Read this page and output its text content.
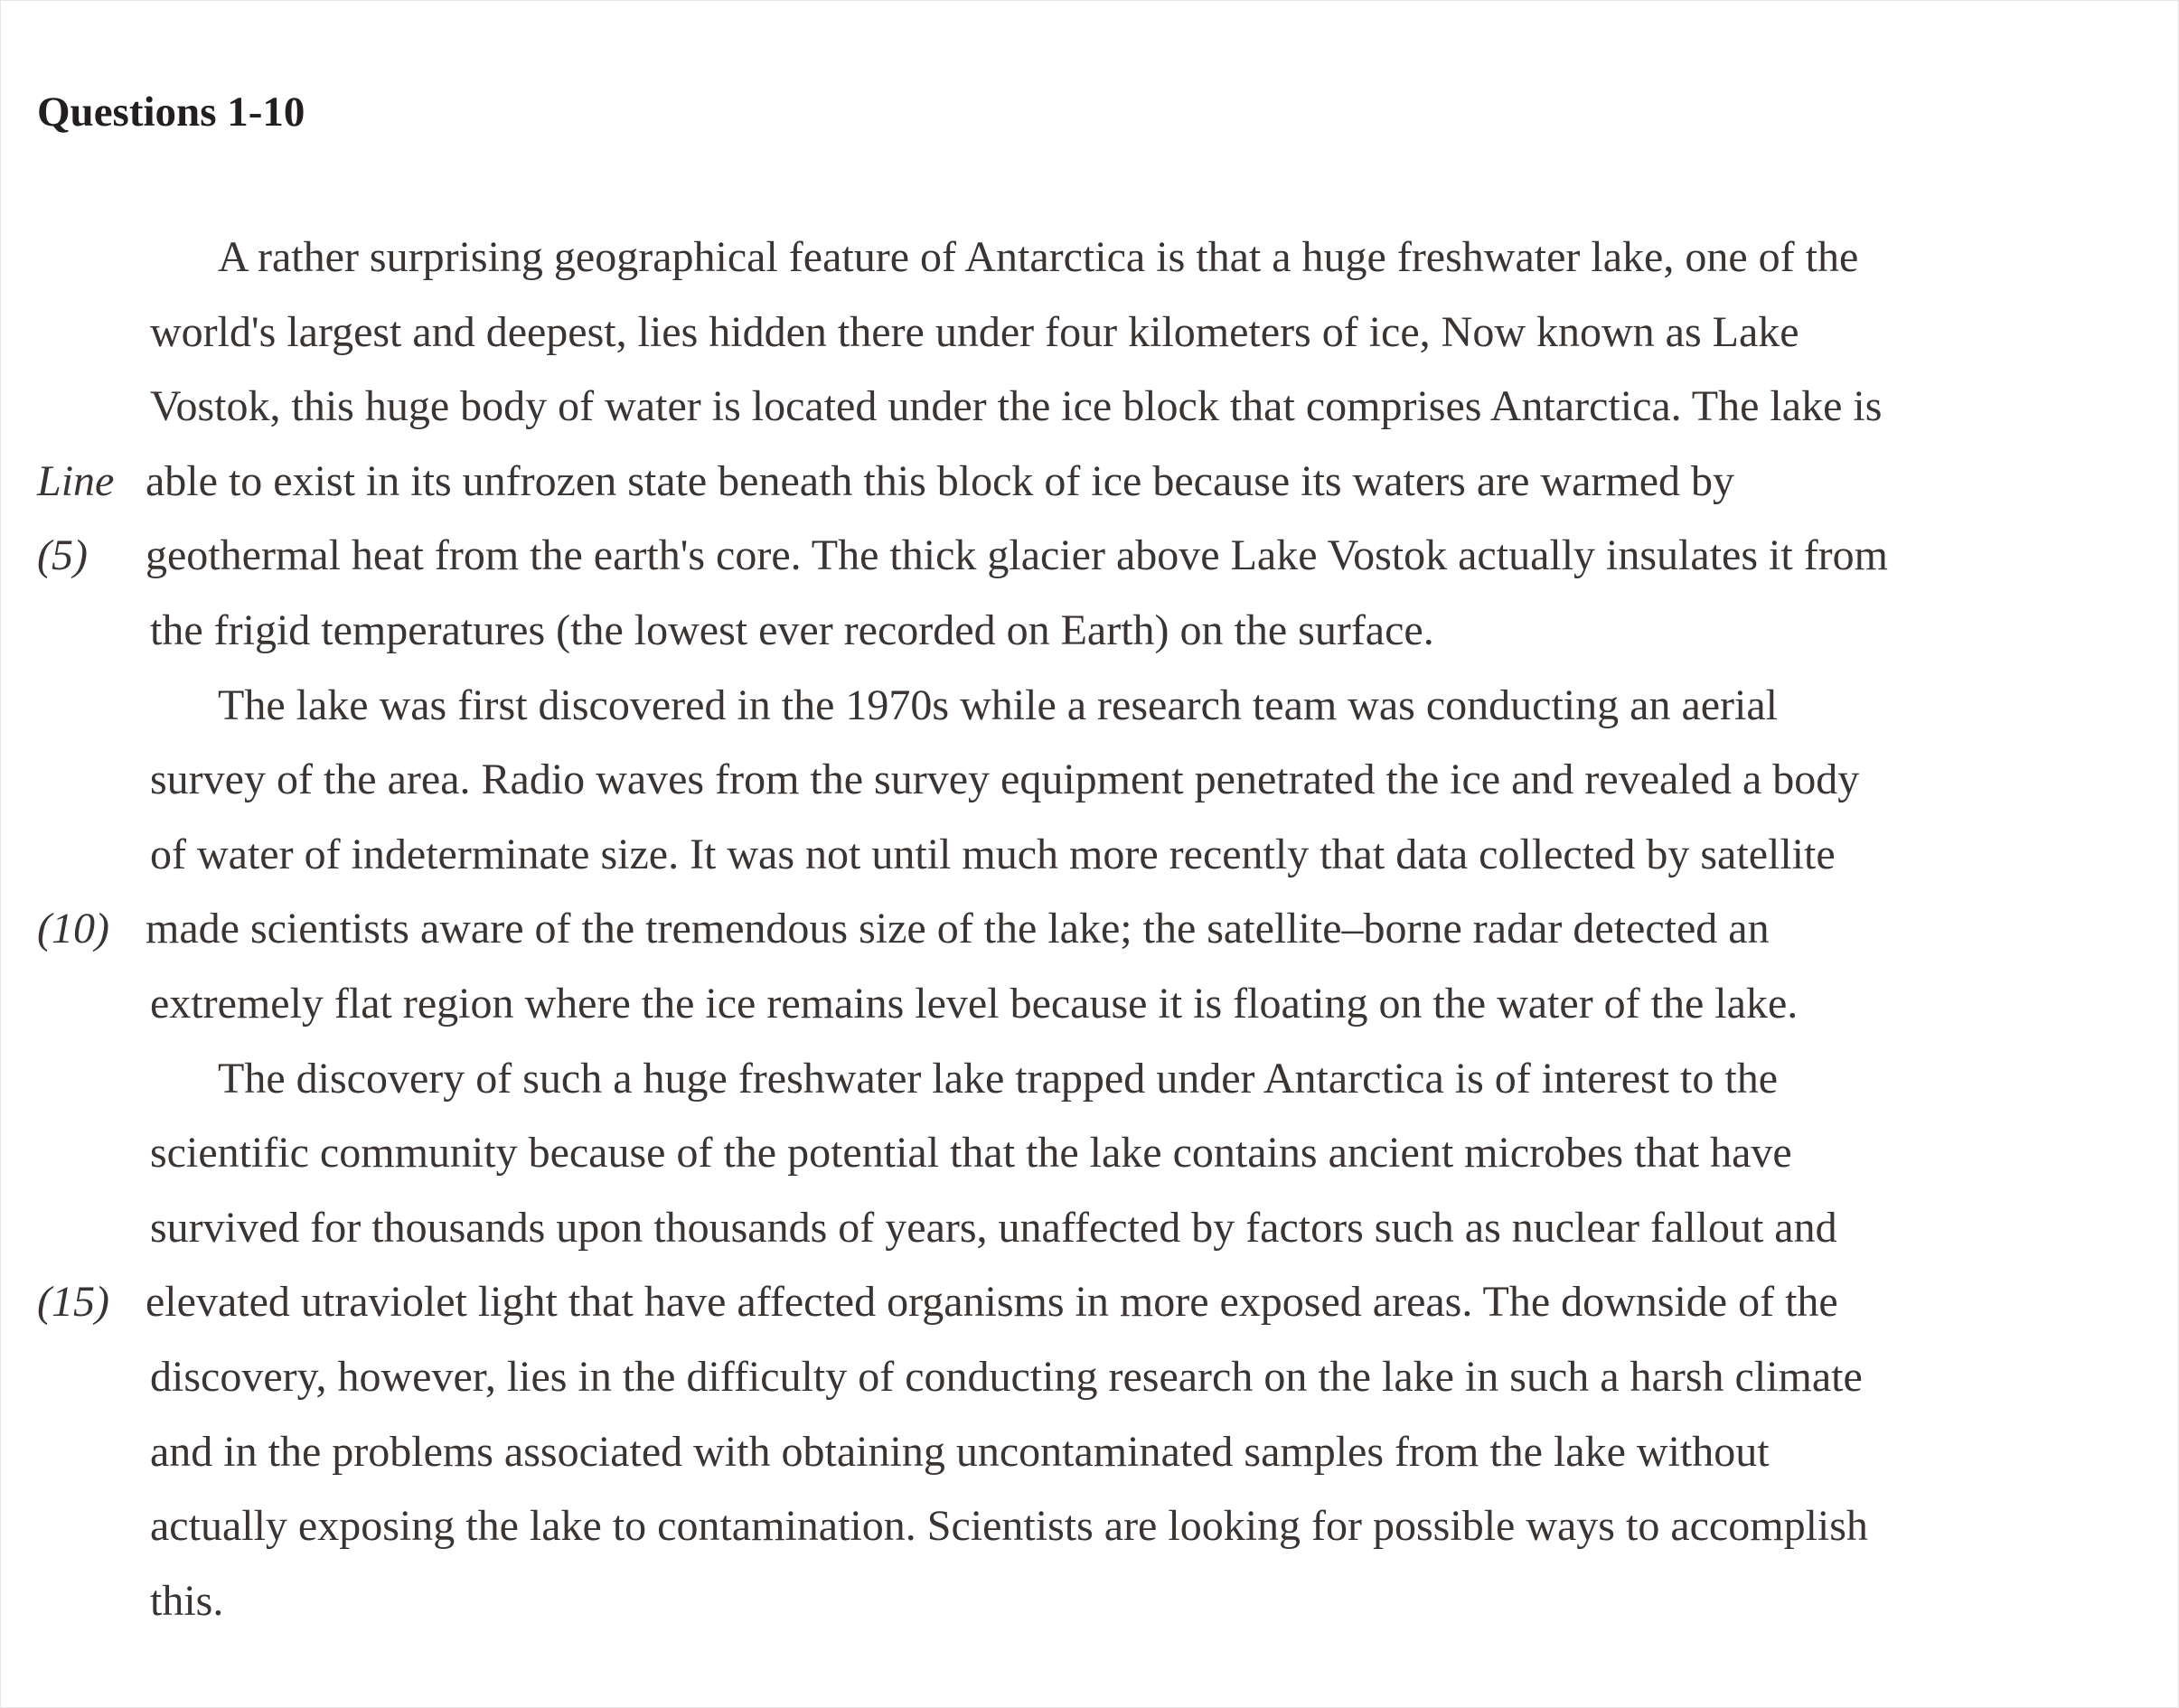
Questions 1-10
A rather surprising geographical feature of Antarctica is that a huge freshwater lake, one of the
world's largest and deepest, lies hidden there under four kilometers of ice, Now known as Lake
Vostok, this huge body of water is located under the ice block that comprises Antarctica. The lake is
Line able to exist in its unfrozen state beneath this block of ice because its waters are warmed by
(5) geothermal heat from the earth's core. The thick glacier above Lake Vostok actually insulates it from
the frigid temperatures (the lowest ever recorded on Earth) on the surface.
The lake was first discovered in the 1970s while a research team was conducting an aerial
survey of the area. Radio waves from the survey equipment penetrated the ice and revealed a body
of water of indeterminate size. It was not until much more recently that data collected by satellite
(10) made scientists aware of the tremendous size of the lake; the satellite–borne radar detected an
extremely flat region where the ice remains level because it is floating on the water of the lake.
The discovery of such a huge freshwater lake trapped under Antarctica is of interest to the
scientific community because of the potential that the lake contains ancient microbes that have
survived for thousands upon thousands of years, unaffected by factors such as nuclear fallout and
(15) elevated utraviolet light that have affected organisms in more exposed areas. The downside of the
discovery, however, lies in the difficulty of conducting research on the lake in such a harsh climate
and in the problems associated with obtaining uncontaminated samples from the lake without
actually exposing the lake to contamination. Scientists are looking for possible ways to accomplish
this.
